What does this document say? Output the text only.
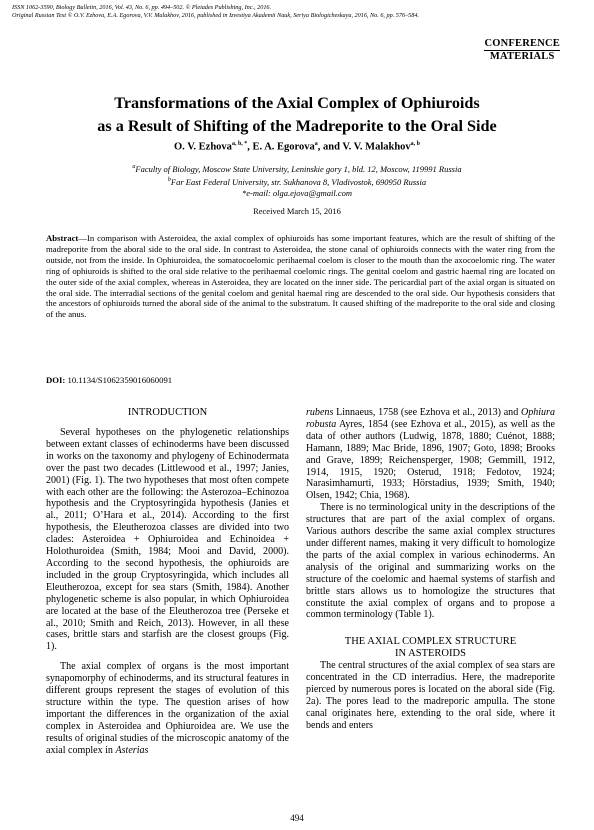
ISSN 1062-3590, Biology Bulletin, 2016, Vol. 43, No. 6, pp. 494–502. © Pleiades Publishing, Inc., 2016.
Original Russian Text © O.V. Ezhova, E.A. Egorova, V.V. Malakhov, 2016, published in Izvestiya Akademii Nauk, Seriya Biologicheskaya, 2016, No. 6, pp. 576–584.
CONFERENCE
MATERIALS
Transformations of the Axial Complex of Ophiuroids
as a Result of Shifting of the Madreporite to the Oral Side
O. V. Ezhova$^{a, b, *}$, E. A. Egorova$^a$, and V. V. Malakhov$^{a, b}$
$^a$Faculty of Biology, Moscow State University, Leninskie gory 1, bld. 12, Moscow, 119991 Russia
$^b$Far East Federal University, str. Sukhanova 8, Vladivostok, 690950 Russia
*e-mail: olga.ejova@gmail.com
Received March 15, 2016
Abstract—In comparison with Asteroidea, the axial complex of ophiuroids has some important features, which are the result of shifting of the madreporite from the aboral side to the oral side. In contrast to Asteroidea, the stone canal of ophiuroids connects with the water ring from the outside, not from the inside. In Ophiuroidea, the somatocoelomic perihaemal coelom is closer to the mouth than the axocoelomic ring. The water ring of ophiuroids is shifted to the oral side relative to the perihaemal coelomic rings. The genital coelom and gastric haemal ring are located on the outer side of the axial complex, whereas in Asteroidea, they are located on the inner side. The pericardial part of the axial organ is situated on the oral side. The interradial sections of the genital coelom and genital haemal ring are descended to the oral side. Our hypothesis considers that the ancestors of ophiuroids turned the aboral side of the animal to the substratum. It caused shifting of the madreporite to the oral side and closing of the anus.
DOI: 10.1134/S1062359016060091
INTRODUCTION

Several hypotheses on the phylogenetic relationships between extant classes of echinoderms have been discussed in works on the taxonomy and phylogeny of Echinodermata over the past two decades (Littlewood et al., 1997; Janies, 2001) (Fig. 1). The two hypotheses that most often compete with each other are the following: the Asterozoa–Echinozoa hypothesis and the Cryptosyringida hypothesis (Janies et al., 2011; O’Hara et al., 2014). According to the first hypothesis, the Eleutherozoa classes are divided into two clades: Asteroidea + Ophiuroidea and Echinoidea + Holothuroidea (Smith, 1984; Mooi and David, 2000). According to the second hypothesis, the ophiuroids are included in the group Cryptosyringida, which includes all Eleutherozoa, except for sea stars (Smith, 1984). Another phylogenetic scheme is also popular, in which Ophiuroidea are located at the base of the Eleutherozoa tree (Perseke et al., 2010; Smith and Reich, 2013). However, in all these cases, brittle stars and starfish are the closest groups (Fig. 1).

The axial complex of organs is the most important synapomorphy of echinoderms, and its structural features in different groups represent the stages of evolution of this structure within the type. The question arises of how important the differences in the organization of the axial complex in Asteroidea and Ophiuroidea are. We use the results of original studies of the microscopic anatomy of the axial complex in Asterias

rubens Linnaeus, 1758 (see Ezhova et al., 2013) and Ophiura robusta Ayres, 1854 (see Ezhova et al., 2015), as well as the data of other authors (Ludwig, 1878, 1880; Cuénot, 1888; Hamann, 1889; Mac Bride, 1896, 1907; Goto, 1898; Brooks and Grave, 1899; Reichensperger, 1908; Gemmill, 1912, 1914, 1915, 1920; Osterud, 1918; Fedotov, 1924; Narasimhamurti, 1933; Hörstadius, 1939; Smith, 1940; Olsen, 1942; Chia, 1968).

There is no terminological unity in the descriptions of the structures that are part of the axial complex of organs. Various authors describe the same axial complex structures under different names, making it very difficult to homologize the parts of the axial complex in various echinoderms. An analysis of the original and summarizing works on the structure of the coelomic and haemal systems of starfish and brittle stars allows us to homologize the structures that constitute the axial complex of organs and to propose a common terminology (Table 1).

THE AXIAL COMPLEX STRUCTURE
IN ASTEROIDS

The central structures of the axial complex of sea stars are concentrated in the CD interradius. Here, the madreporite pierced by numerous pores is located on the aboral side (Fig. 2a). The pores lead to the madreporic ampulla. The stone canal originates here, extending to the oral side, where it bends and enters

494
